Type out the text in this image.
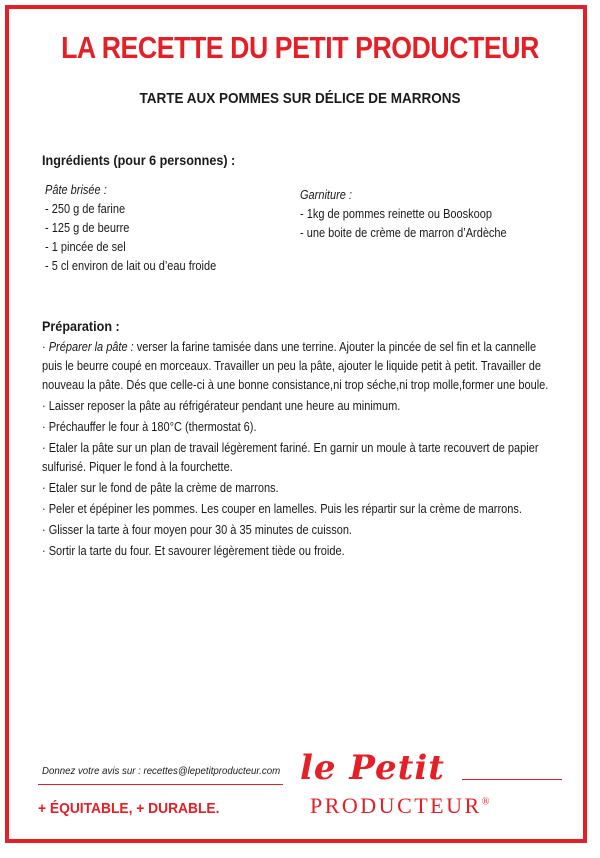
LA RECETTE DU PETIT PRODUCTEUR
TARTE AUX POMMES SUR DÉLICE DE MARRONS
Ingrédients (pour 6 personnes) :
Pâte brisée :
- 250 g de farine
- 125 g de beurre
- 1 pincée de sel
- 5 cl environ de lait ou d’eau froide
Garniture :
- 1kg de pommes reinette ou Booskoop
- une boite de crème de marron d’Ardèche
Préparation :

· Préparer la pâte : verser la farine tamisée dans une terrine. Ajouter la pincée de sel fin et la cannelle puis le beurre coupé en morceaux. Travailler un peu la pâte, ajouter le liquide petit à petit. Travailler de nouveau la pâte. Dés que celle-ci à une bonne consistance,ni trop séche,ni trop molle,former une boule.

· Laisser reposer la pâte au réfrigérateur pendant une heure au minimum.

· Préchauffer le four à 180°C (thermostat 6).

· Etaler la pâte sur un plan de travail légèrement fariné. En garnir un moule à tarte recouvert de papier sulfurisé. Piquer le fond à la fourchette.

· Etaler sur le fond de pâte la crème de marrons.

· Peler et épépiner les pommes. Les couper en lamelles. Puis les répartir sur la crème de marrons.

· Glisser la tarte à four moyen pour 30 à 35 minutes de cuisson.

· Sortir la tarte du four. Et savourer légèrement tiède ou froide.

Donnez votre avis sur : recettes@lepetitproducteur.com
+ ÉQUITABLE, + DURABLE.
le Petit
PRODUCTEUR®
